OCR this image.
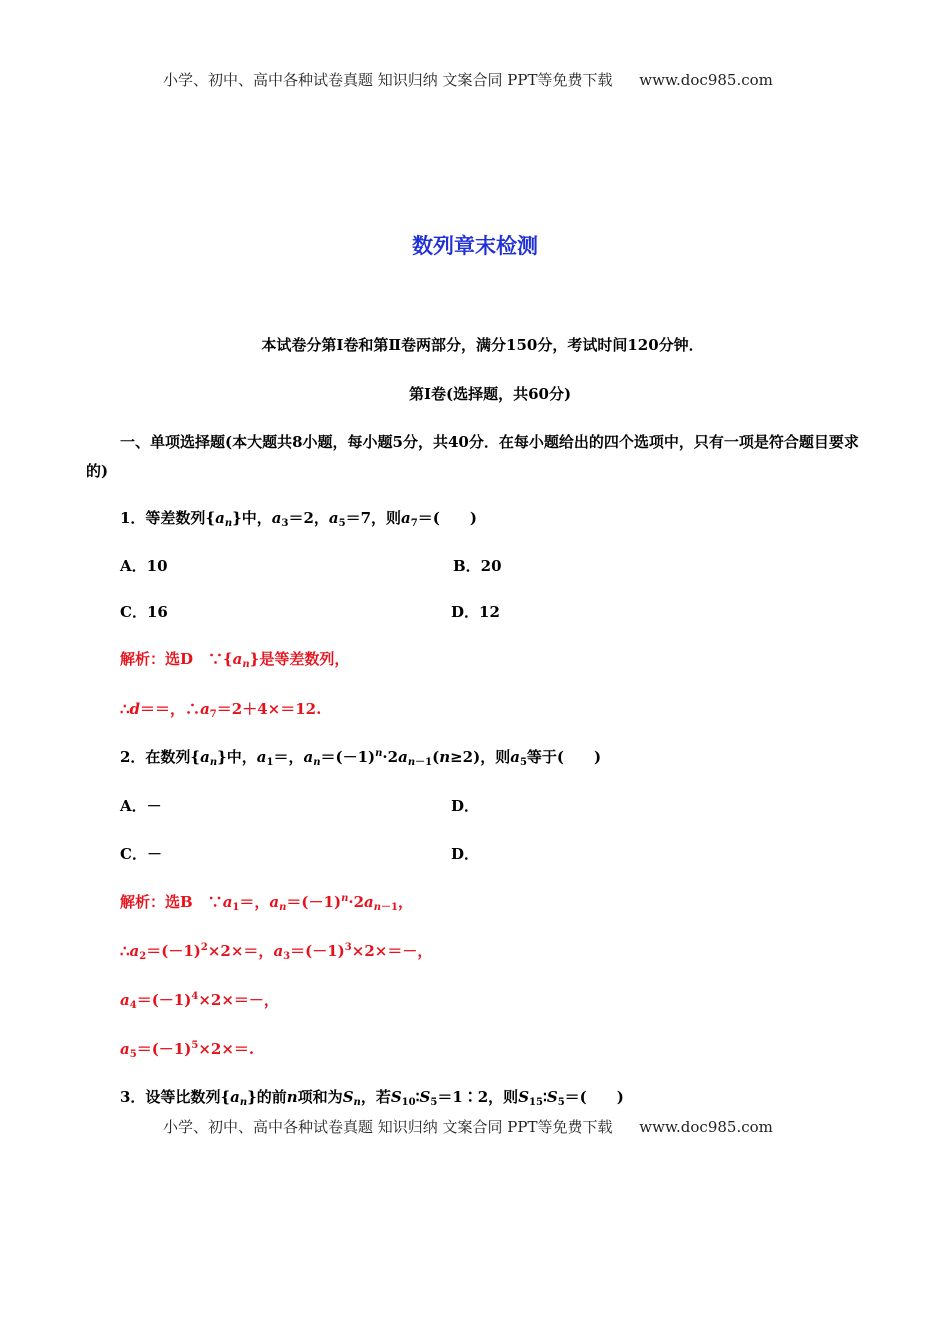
小学、初中、高中各种试卷真题 知识归纳 文案合同 PPT等免费下载 www.doc985.com
数列章末检测
本试卷分第Ⅰ卷和第Ⅱ卷两部分，满分150分，考试时间120分钟．
第Ⅰ卷(选择题，共60分)
一、单项选择题(本大题共8小题，每小题5分，共40分．在每小题给出的四个选项中，只有一项是符合题目要求的)
1．等差数列$\{a_n\}$中，$a_3=2$，$a_5=7$，则$a_7=$(　　)
A．10	B．20
C．16	D．12
解析：选D　$\because\{a_n\}$是等差数列，
∴d＝＝，$\therefore a_7=2+4\times=12$.
2．在数列$\{a_n\}$中，$a_1=$，$a_n=(-1)^n\cdot 2a_{n-1}(n\ge 2)$，则$a_5$等于(　　)
A．－	D．
C．－	D．
解析：选B　$\because a_1=$，$a_n=(-1)^n\cdot 2a_{n-1}$，
$\therefore a_2=(-1)^2\times 2\times=$，$a_3=(-1)^3\times 2\times=-$，
$a_4=(-1)^4\times 2\times=-$，
$a_5=(-1)^5\times 2\times=$.
3．设等比数列$\{a_n\}$的前n项和为$S_n$，若$S_{10}∶S_5=1∶2$，则$S_{15}∶S_5=$(　　)
小学、初中、高中各种试卷真题 知识归纳 文案合同 PPT等免费下载 www.doc985.com
